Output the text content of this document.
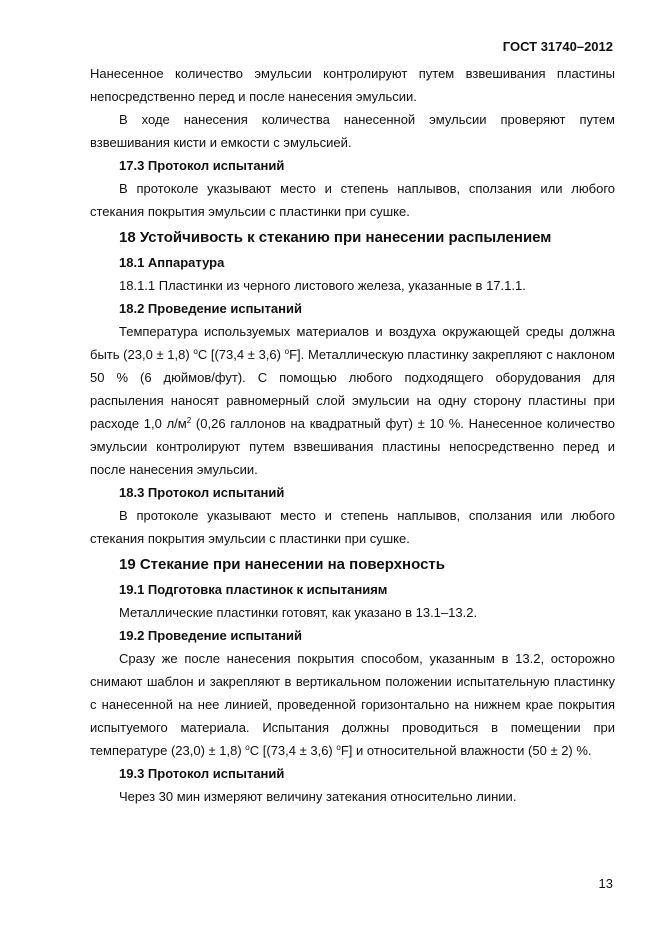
ГОСТ 31740–2012

Нанесенное количество эмульсии контролируют путем взвешивания пластины непосредственно перед и после нанесения эмульсии.

В ходе нанесения количества нанесенной эмульсии проверяют путем взвешивания кисти и емкости с эмульсией.

17.3 Протокол испытаний

В протоколе указывают место и степень наплывов, сползания или любого стекания покрытия эмульсии с пластинки при сушке.

18 Устойчивость к стеканию при нанесении распылением

18.1 Аппаратура

18.1.1 Пластинки из черного листового железа, указанные в 17.1.1.

18.2 Проведение испытаний

Температура используемых материалов и воздуха окружающей среды должна быть (23,0 ± 1,8) $^o$C [(73,4 ± 3,6) $^o$F]. Металлическую пластинку закрепляют с наклоном 50 % (6 дюймов/фут). С помощью любого подходящего оборудования для распыления наносят равномерный слой эмульсии на одну сторону пластины при расходе 1,0 $л/м^2$ (0,26 галлонов на квадратный фут) ± 10 %. Нанесенное количество эмульсии контролируют путем взвешивания пластины непосредственно перед и после нанесения эмульсии.

18.3 Протокол испытаний

В протоколе указывают место и степень наплывов, сползания или любого стекания покрытия эмульсии с пластинки при сушке.

19 Стекание при нанесении на поверхность

19.1 Подготовка пластинок к испытаниям

Металлические пластинки готовят, как указано в 13.1–13.2.

19.2 Проведение испытаний

Сразу же после нанесения покрытия способом, указанным в 13.2, осторожно снимают шаблон и закрепляют в вертикальном положении испытательную пластинку с нанесенной на нее линией, проведенной горизонтально на нижнем крае покрытия испытуемого материала. Испытания должны проводиться в помещении при температуре (23,0) ± 1,8) $^o$C [(73,4 ± 3,6) $^o$F] и относительной влажности (50 ± 2) %.

19.3 Протокол испытаний

Через 30 мин измеряют величину затекания относительно линии.

13
